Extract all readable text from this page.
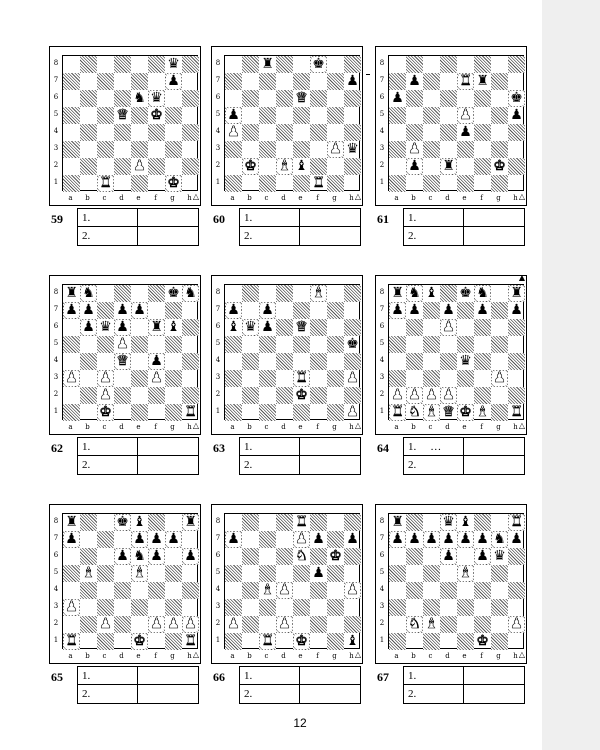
8
7
6
5
4
3
2
1
♛
♟
♞ ♛
♛ ♚
♟
♜	♚
a	b	c	d	e	f	g	h △
59	1.
2.
8
7
6
5
4
3
2
1
♜	♚
♟
♛
♟
♟
♟ ♛
♚ ♝ ♝
♜
a	b	c	d	e	f	g	h △
60	1.
2.
8
7
6
5
4
3
2
1
♟	♜ ♜
♟	♚
♟	♟
♟
♟
♟ ♜	♚
a	b	c	d	e	f	g	h △
61	1.
2.
8
7
6
5
4
3
2
1
♜ ♞	♚ ♞
♟ ♟ ♟ ♟
♟ ♛ ♟ ♜ ♝
♟
♛ ♟
♟ ♟	♟
♟
♚	♜
a	b	c	d	e	f	g	h △
62	1.
2.
8
7
6
5
4
3
2
1
♝
♟ ♟
♝ ♛ ♟ ♛
♚
♜	♟
♚
♟
a	b	c	d	e	f	g	h △
63	1.
2.
8
7
6
5
4
3
2
1
♜ ♞ ♝ ♚ ♞ ♜
♟ ♟ ♟ ♟ ♟
♟
♛
♟
♟ ♟ ♟ ♟
♜ ♞ ♝ ♛ ♚ ♝ ♜
a	b	c	d	e	f	g	h △
▲
64	1. …
2.
8
7
6
5
4
3
2
1
♜	♚ ♝	♜
♟	♟ ♟ ♟
♟ ♞ ♟ ♟
♝	♝
♟
♟	♟ ♟ ♟
♜	♚	♜
a	b	c	d	e	f	g	h △
65	1.
2.
8
7
6
5
4
3
2
1
♜
♟	♟ ♟ ♟
♞ ♚
♟
♝ ♟	♟
♟	♟
♜ ♚	♝
a	b	c	d	e	f	g	h △
66	1.
2.
8
7
6
5
4
3
2
1
♜	♛ ♝	♜
♟ ♟ ♟ ♟ ♟ ♟ ♞ ♟
♟ ♟ ♛
♝
♞ ♝	♟
♚
a	b	c	d	e	f	g	h △
67	1.
2.
12
